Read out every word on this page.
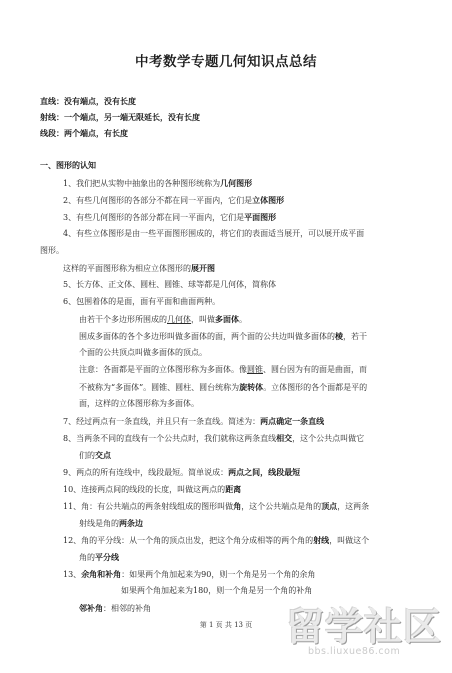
中考数学专题几何知识点总结
直线：没有端点，没有长度
射线：一个端点，另一端无限延长，没有长度
线段：两个端点，有长度
一、图形的认知
1、我们把从实物中抽象出的各种图形统称为几何图形
2、有些几何图形的各部分不都在同一平面内，它们是立体图形
3、有些几何图形的各部分都在同一平面内，它们是平面图形
4、有些立体图形是由一些平面图形围成的，将它们的表面适当展开，可以展开成平面
图形。
这样的平面图形称为相应立体图形的展开图
5、长方体、正文体、圆柱、圆锥、球等都是几何体，简称体
6、包围着体的是面，面有平面和曲面两种。
由若干个多边形所围成的几何体，叫做多面体。
围成多面体的各个多边形叫做多面体的面，两个面的公共边叫做多面体的棱，若干
个面的公共顶点叫做多面体的顶点。
注意：各面都是平面的立体图形称为多面体。像圆锥、圆台因为有的面是曲面，而
不被称为“多面体”。圆锥、圆柱、圆台统称为旋转体。立体图形的各个面都是平的
面，这样的立体图形称为多面体。
7、经过两点有一条直线，并且只有一条直线。简述为：两点确定一条直线
8、当两条不同的直线有一个公共点时，我们就称这两条直线相交，这个公共点叫做它
们的交点
9、两点的所有连线中，线段最短。简单说成：两点之间，线段最短
10、连接两点间的线段的长度，叫做这两点的距离
11、角：有公共端点的两条射线组成的图形叫做角，这个公共端点是角的顶点，这两条
射线是角的两条边
12、角的平分线：从一个角的顶点出发，把这个角分成相等的两个角的射线，叫做这个
角的平分线
13、余角和补角：如果两个角加起来为90，则一个角是另一个角的余角
如果两个角加起来为180，则一个角是另一个角的补角
邻补角：相邻的补角
第 1 页 共 13 页 留学社区
bbs.liuxue86.com
